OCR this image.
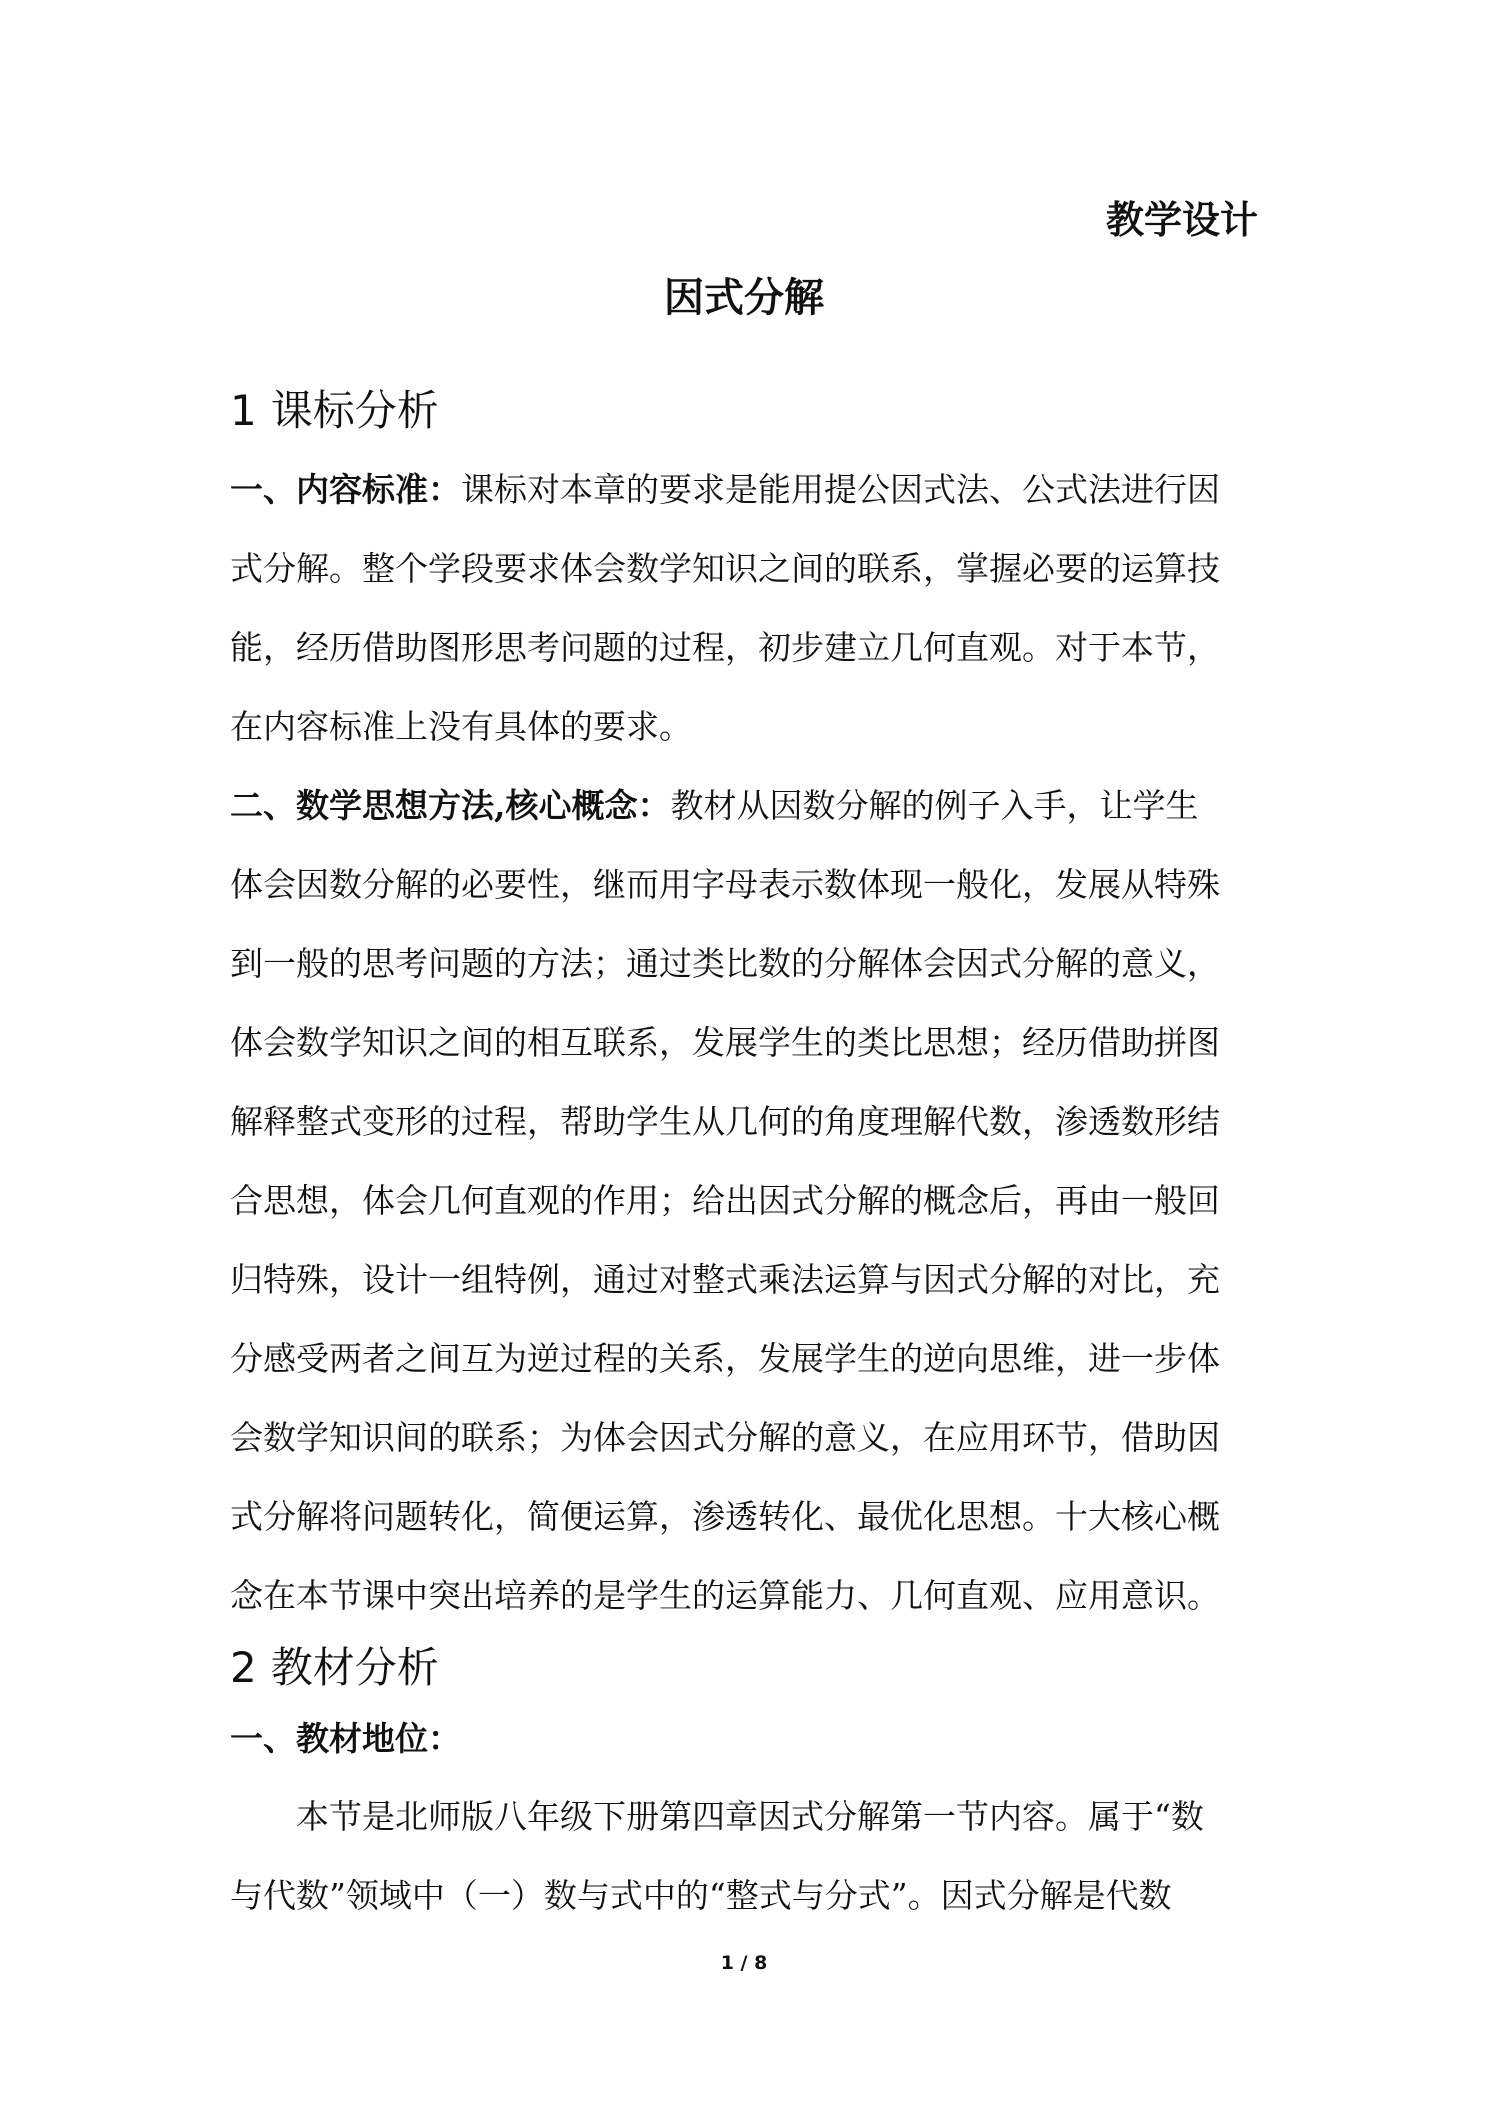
教学设计
因式分解
1 课标分析

一、内容标准：课标对本章的要求是能用提公因式法、公式法进行因
式分解。整个学段要求体会数学知识之间的联系，掌握必要的运算技
能，经历借助图形思考问题的过程，初步建立几何直观。对于本节，
在内容标准上没有具体的要求。

二、数学思想方法,核心概念：教材从因数分解的例子入手，让学生
体会因数分解的必要性，继而用字母表示数体现一般化，发展从特殊
到一般的思考问题的方法；通过类比数的分解体会因式分解的意义，
体会数学知识之间的相互联系，发展学生的类比思想；经历借助拼图
解释整式变形的过程，帮助学生从几何的角度理解代数，渗透数形结
合思想，体会几何直观的作用；给出因式分解的概念后，再由一般回
归特殊，设计一组特例，通过对整式乘法运算与因式分解的对比，充
分感受两者之间互为逆过程的关系，发展学生的逆向思维，进一步体
会数学知识间的联系；为体会因式分解的意义，在应用环节，借助因
式分解将问题转化，简便运算，渗透转化、最优化思想。十大核心概
念在本节课中突出培养的是学生的运算能力、几何直观、应用意识。

2 教材分析

一、教材地位：

本节是北师版八年级下册第四章因式分解第一节内容。属于“数
与代数”领域中（一）数与式中的“整式与分式”。因式分解是代数

1 / 8
